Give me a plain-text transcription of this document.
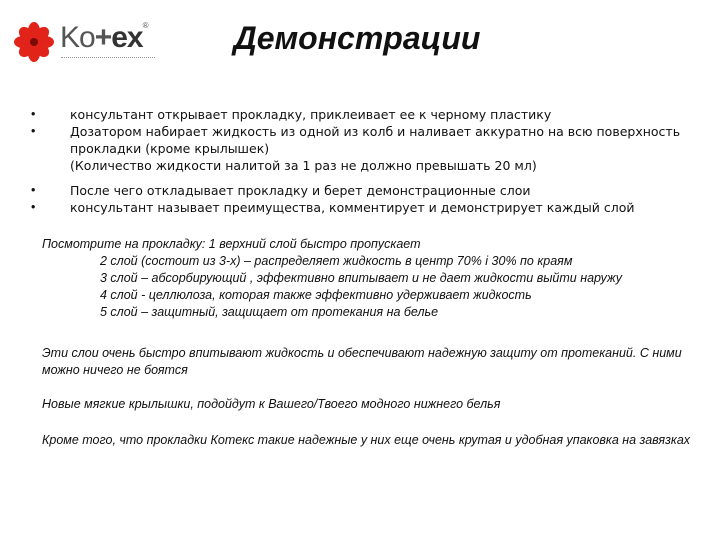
Ko+ex®	Демонстрации
•	консультант открывает прокладку, приклеивает ее к черному пластику
•	Дозатором набирает жидкость из одной из колб и наливает аккуратно на всю поверхность прокладки (кроме крылышек)
(Количество жидкости налитой за 1 раз не должно превышать 20 мл)
•	После чего откладывает прокладку и берет демонстрационные слои
•	консультант называет преимущества, комментирует и демонстрирует каждый слой
Посмотрите на прокладку: 1 верхний слой быстро пропускает
2 слой (состоит из 3-х) – распределяет жидкость в центр 70% i 30% по краям
3 слой – абсорбирующий , эффективно впитывает и не дает жидкости выйти наружу
4 слой - целлюлоза, которая также эффективно удерживает жидкость
5 слой – защитный, защищает от протекания на белье
Эти слои очень быстро впитывают жидкость и обеспечивают надежную защиту от протеканий. С ними можно ничего не боятся
Новые мягкие крылышки, подойдут к Вашего/Твоего модного нижнего белья
Кроме того, что прокладки Котекс такие надежные у них еще очень крутая и удобная упаковка на завязках
